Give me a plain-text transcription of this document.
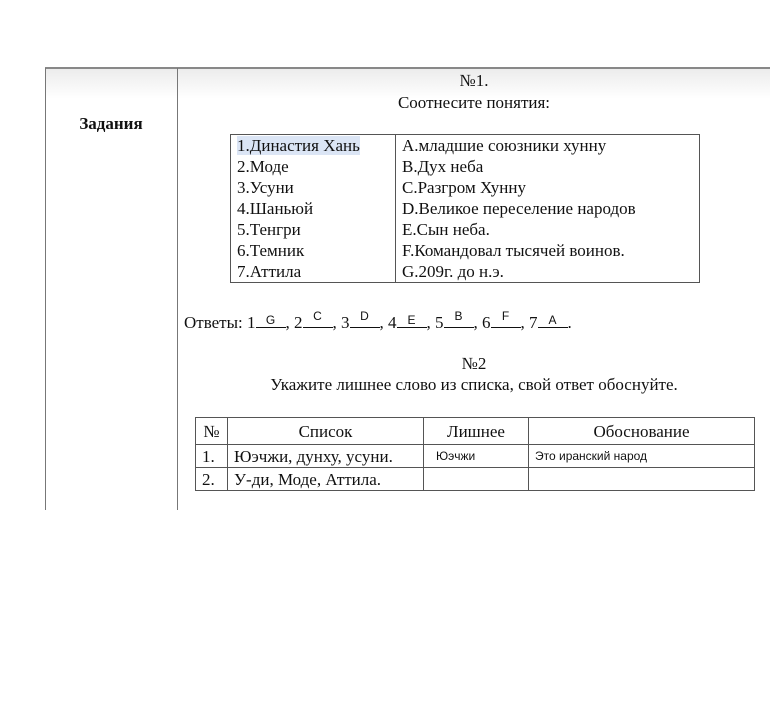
Задания
№1.
Соотнесите понятия:
1.Династия Хань	A.младшие союзники хунну
2.Моде	B.Дух неба
3.Усуни	C.Разгром Хунну
4.Шаньюй	D.Великое переселение народов
5.Тенгри	E.Сын неба.
6.Темник	F.Командовал тысячей воинов.
7.Аттила	G.209г. до н.э.
Ответы: 1 G , 2 C , 3 D , 4 E , 5 B , 6 F , 7 A .
№2
Укажите лишнее слово из списка, свой ответ обоснуйте.
№	Список	Лишнее	Обоснование
1.	Юэчжи, дунху, усуни.	Юэчжи	Это иранский народ
2.	У-ди, Моде, Аттила.		
